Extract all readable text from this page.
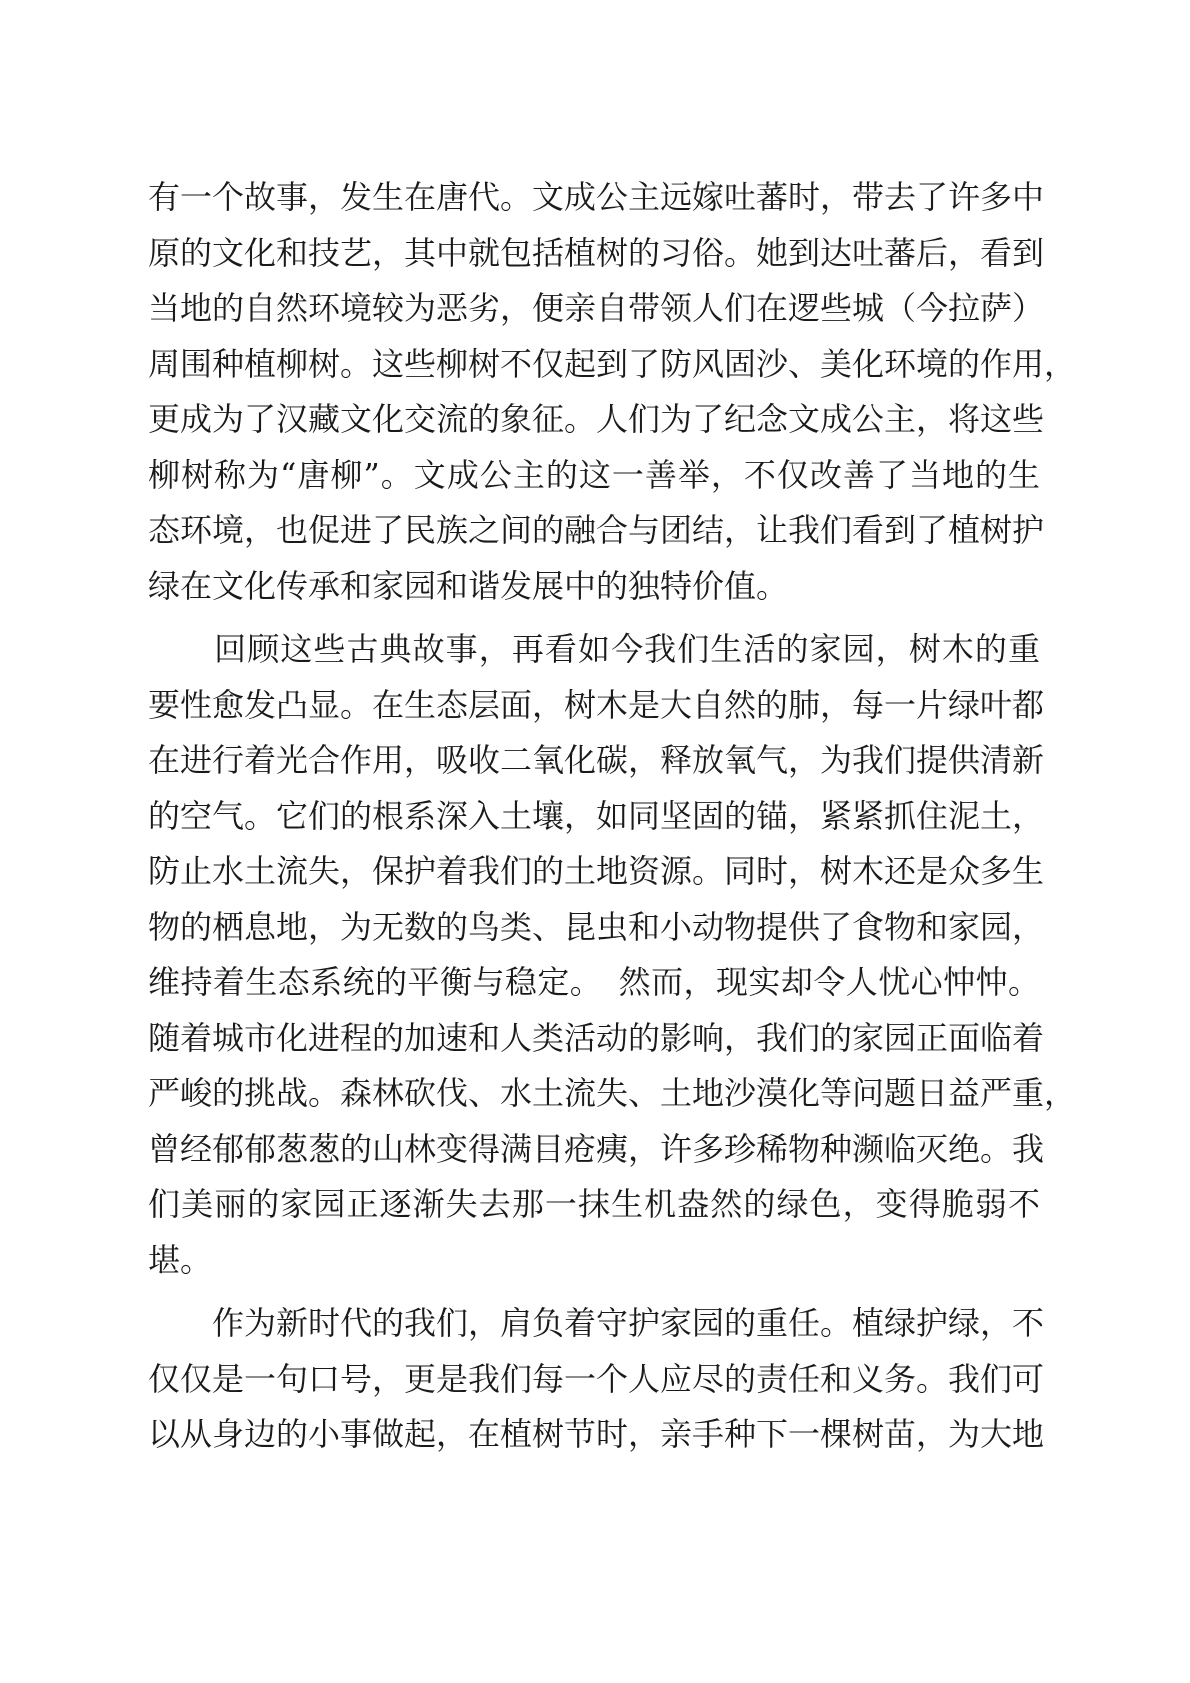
有一个故事，发生在唐代。文成公主远嫁吐蕃时，带去了许多中
原的文化和技艺，其中就包括植树的习俗。她到达吐蕃后，看到
当地的自然环境较为恶劣，便亲自带领人们在逻些城（今拉萨）
周围种植柳树。这些柳树不仅起到了防风固沙、美化环境的作用，
更成为了汉藏文化交流的象征。人们为了纪念文成公主，将这些
柳树称为“唐柳”。文成公主的这一善举，不仅改善了当地的生
态环境，也促进了民族之间的融合与团结，让我们看到了植树护
绿在文化传承和家园和谐发展中的独特价值。
　　回顾这些古典故事，再看如今我们生活的家园，树木的重
要性愈发凸显。在生态层面，树木是大自然的肺，每一片绿叶都
在进行着光合作用，吸收二氧化碳，释放氧气，为我们提供清新
的空气。它们的根系深入土壤，如同坚固的锚，紧紧抓住泥土，
防止水土流失，保护着我们的土地资源。同时，树木还是众多生
物的栖息地，为无数的鸟类、昆虫和小动物提供了食物和家园，
维持着生态系统的平衡与稳定。　然而，现实却令人忧心忡忡。
随着城市化进程的加速和人类活动的影响，我们的家园正面临着
严峻的挑战。森林砍伐、水土流失、土地沙漠化等问题日益严重，
曾经郁郁葱葱的山林变得满目疮痍，许多珍稀物种濒临灭绝。我
们美丽的家园正逐渐失去那一抹生机盎然的绿色，变得脆弱不
堪。
　　作为新时代的我们，肩负着守护家园的重任。植绿护绿，不
仅仅是一句口号，更是我们每一个人应尽的责任和义务。我们可
以从身边的小事做起，在植树节时，亲手种下一棵树苗，为大地
